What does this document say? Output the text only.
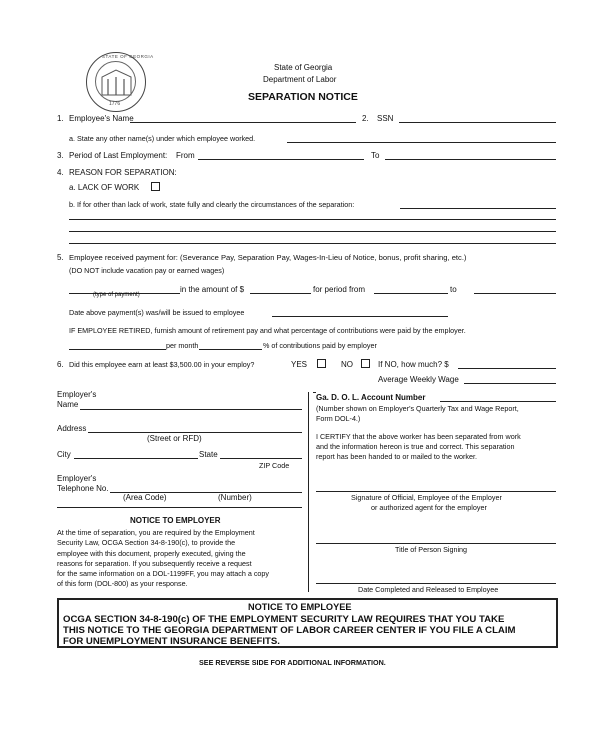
STATE OF GEORGIA
1776
State of Georgia
Department of Labor
SEPARATION NOTICE
1. Employee's Name	2. SSN
a. State any other name(s) under which employee worked.
3. Period of Last Employment: From	To
4. REASON FOR SEPARATION:
a. LACK OF WORK
b. If for other than lack of work, state fully and clearly the circumstances of the separation:
5. Employee received payment for: (Severance Pay, Separation Pay, Wages-In-Lieu of Notice, bonus, profit sharing, etc.)
(DO NOT include vacation pay or earned wages)
in the amount of $	for period from	to
(type of payment)
Date above payment(s) was/will be issued to employee
IF EMPLOYEE RETIRED, furnish amount of retirement pay and what percentage of contributions were paid by the employer.
per month	% of contributions paid by employer
6. Did this employee earn at least $3,500.00 in your employ?	YES	NO	If NO, how much? $
Average Weekly Wage
Employer's
Name
Address
(Street or RFD)
City	State
ZIP Code
Employer's
Telephone No.
(Area Code)	(Number)
NOTICE TO EMPLOYER
At the time of separation, you are required by the Employment
Security Law, OCGA Section 34-8-190(c), to provide the
employee with this document, properly executed, giving the
reasons for separation. If you subsequently receive a request
for the same information on a DOL-1199FF, you may attach a copy
of this form (DOL-800) as your response.
Ga. D. O. L. Account Number
(Number shown on Employer's Quarterly Tax and Wage Report,
Form DOL-4.)
I CERTIFY that the above worker has been separated from work
and the information hereon is true and correct. This separation
report has been handed to or mailed to the worker.
Signature of Official, Employee of the Employer
or authorized agent for the employer
Title of Person Signing
Date Completed and Released to Employee
NOTICE TO EMPLOYEE
OCGA SECTION 34-8-190(c) OF THE EMPLOYMENT SECURITY LAW REQUIRES THAT YOU TAKE
THIS NOTICE TO THE GEORGIA DEPARTMENT OF LABOR CAREER CENTER IF YOU FILE A CLAIM
FOR UNEMPLOYMENT INSURANCE BENEFITS.
SEE REVERSE SIDE FOR ADDITIONAL INFORMATION.
